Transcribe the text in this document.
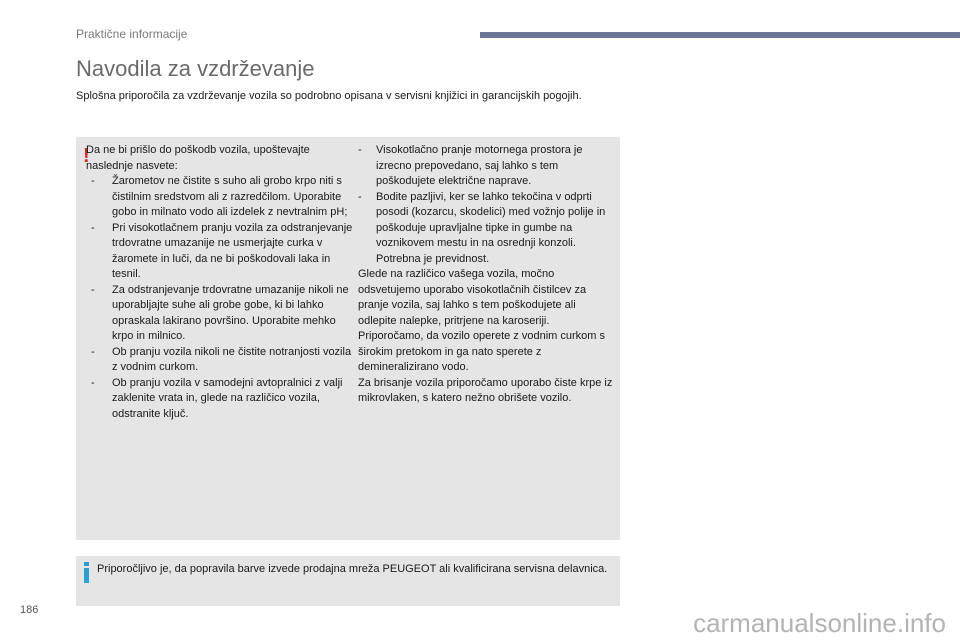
Praktične informacije
Navodila za vzdrževanje
Splošna priporočila za vzdrževanje vozila so podrobno opisana v servisni knjižici in garancijskih pogojih.
!
Da ne bi prišlo do poškodb vozila, upoštevajte naslednje nasvete:
-	Žarometov ne čistite s suho ali grobo krpo niti s čistilnim sredstvom ali z razredčilom. Uporabite gobo in milnato vodo ali izdelek z nevtralnim pH;
-	Pri visokotlačnem pranju vozila za odstranjevanje trdovratne umazanije ne usmerjajte curka v žaromete in luči, da ne bi poškodovali laka in tesnil.
-	Za odstranjevanje trdovratne umazanije nikoli ne uporabljajte suhe ali grobe gobe, ki bi lahko opraskala lakirano površino. Uporabite mehko krpo in milnico.
-	Ob pranju vozila nikoli ne čistite notranjosti vozila z vodnim curkom.
-	Ob pranju vozila v samodejni avtopralnici z valji zaklenite vrata in, glede na različico vozila, odstranite ključ.
-	Visokotlačno pranje motornega prostora je izrecno prepovedano, saj lahko s tem poškodujete električne naprave.
-	Bodite pazljivi, ker se lahko tekočina v odprti posodi (kozarcu, skodelici) med vožnjo polije in poškoduje upravljalne tipke in gumbe na voznikovem mestu in na osrednji konzoli. Potrebna je previdnost.
Glede na različico vašega vozila, močno odsvetujemo uporabo visokotlačnih čistilcev za pranje vozila, saj lahko s tem poškodujete ali odlepite nalepke, pritrjene na karoseriji.
Priporočamo, da vozilo operete z vodnim curkom s širokim pretokom in ga nato sperete z demineralizirano vodo.
Za brisanje vozila priporočamo uporabo čiste krpe iz mikrovlaken, s katero nežno obrišete vozilo.
Priporočljivo je, da popravila barve izvede prodajna mreža PEUGEOT ali kvalificirana servisna delavnica.
186	carmanualsonline.info
